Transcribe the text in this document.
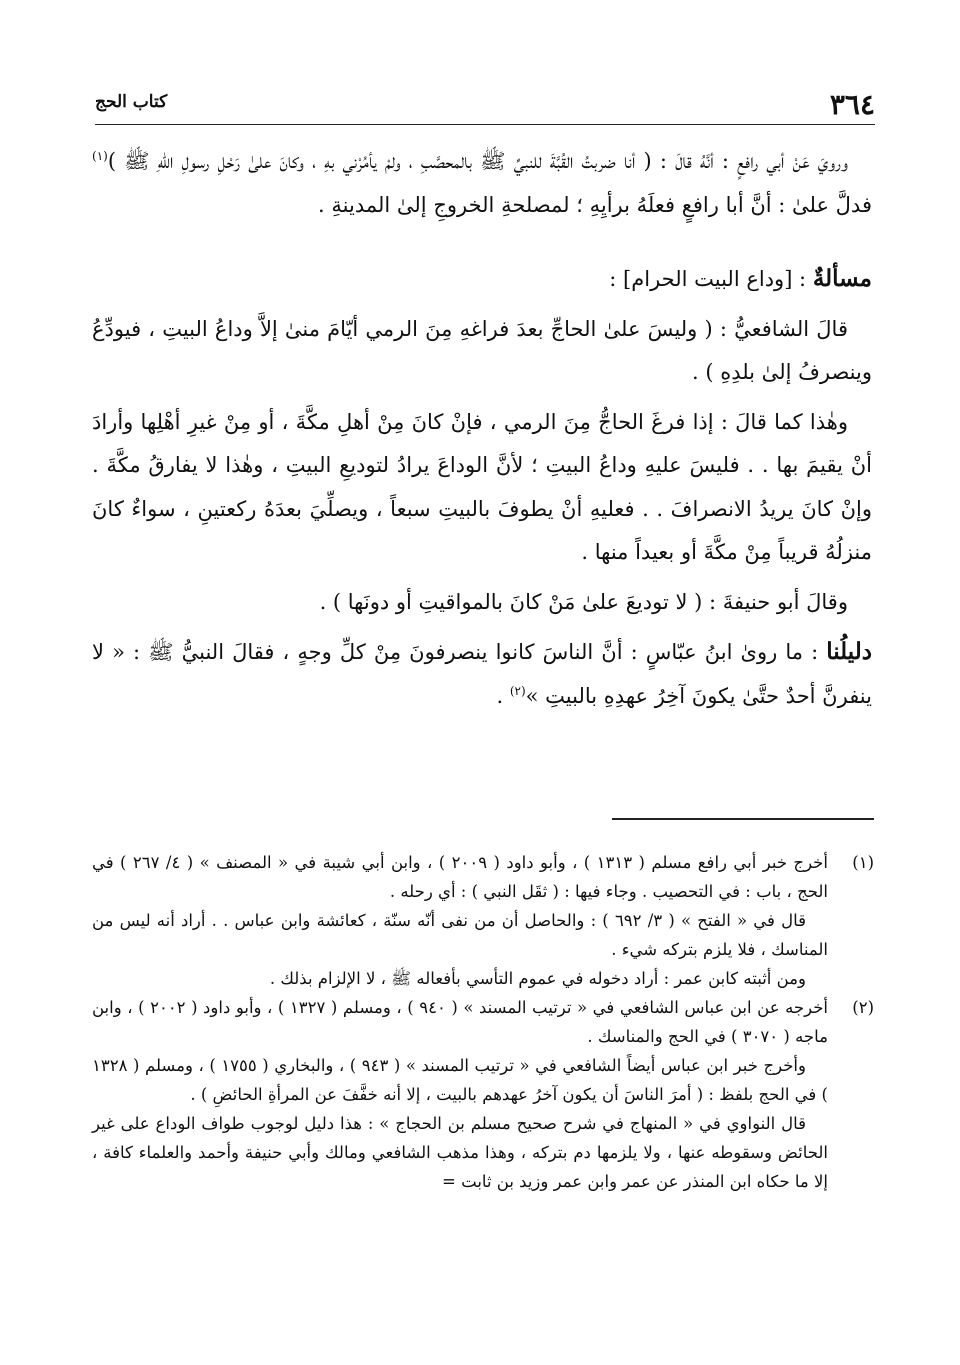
٣٦٤
كتاب الحج

ورويَ عَنْ أبي رافعٍ : أنَّهُ قالَ : ( أنا ضربتُ القُبَّةَ للنبيِّ ﷺ بالمحصَّبِ ، ولمْ يأمُرْني بهِ ، وكانَ علىٰ رَحْلِ رسولِ اللهِ ﷺ )$^{(١)}$ فدلَّ علىٰ : أنَّ أبا رافعٍ فعلَهُ برأيِهِ ؛ لمصلحةِ الخروجِ إلىٰ المدينةِ .

مسألةٌ : [وداع البيت الحرام] :

قالَ الشافعيُّ : ( وليسَ علىٰ الحاجِّ بعدَ فراغهِ مِنَ الرمي أيّامَ منىٰ إلاَّ وداعُ البيتِ ، فيودِّعُ وينصرفُ إلىٰ بلدِهِ ) .

وهٰذا كما قالَ : إذا فرغَ الحاجُّ مِنَ الرمي ، فإنْ كانَ مِنْ أهلِ مكَّةَ ، أو مِنْ غيرِ أهْلِها وأرادَ أنْ يقيمَ بها . . فليسَ عليهِ وداعُ البيتِ ؛ لأنَّ الوداعَ يرادُ لتوديعِ البيتِ ، وهٰذا لا يفارقُ مكَّةَ . وإنْ كانَ يريدُ الانصرافَ . . فعليهِ أنْ يطوفَ بالبيتِ سبعاً ، ويصلِّيَ بعدَهُ ركعتينِ ، سواءٌ كانَ منزلُهُ قريباً مِنْ مكَّةَ أو بعيداً منها .

وقالَ أبو حنيفةَ : ( لا توديعَ علىٰ مَنْ كانَ بالمواقيتِ أو دونَها ) .

دليلُنا : ما روىٰ ابنُ عبّاسٍ : أنَّ الناسَ كانوا ينصرفونَ مِنْ كلِّ وجهٍ ، فقالَ النبيُّ ﷺ : « لا ينفرنَّ أحدٌ حتَّىٰ يكونَ آخِرُ عهدِهِ بالبيتِ »$^{(٢)}$ .

(١)

أخرج خبر أبي رافع مسلم ( ١٣١٣ ) ، وأبو داود ( ٢٠٠٩ ) ، وابن أبي شيبة في « المصنف » ( ٤/ ٢٦٧ ) في الحج ، باب : في التحصيب . وجاء فيها : ( ثقَل النبي ) : أي رحله .

قال في « الفتح » ( ٣/ ٦٩٢ ) : والحاصل أن من نفى أنّه سنّة ، كعائشة وابن عباس . . أراد أنه ليس من المناسك ، فلا يلزم بتركه شيء .

ومن أثبته كابن عمر : أراد دخوله في عموم التأسي بأفعاله ﷺ ، لا الإلزام بذلك .

(٢)

أخرجه عن ابن عباس الشافعي في « ترتيب المسند » ( ٩٤٠ ) ، ومسلم ( ١٣٢٧ ) ، وأبو داود ( ٢٠٠٢ ) ، وابن ماجه ( ٣٠٧٠ ) في الحج والمناسك .

وأخرج خبر ابن عباس أيضاً الشافعي في « ترتيب المسند » ( ٩٤٣ ) ، والبخاري ( ١٧٥٥ ) ، ومسلم ( ١٣٢٨ ) في الحج بلفظ : ( أمرَ الناسَ أن يكون آخرُ عهدهم بالبيت ، إلا أنه خفَّفَ عن المرأةِ الحائضِ ) .

قال النواوي في « المنهاج في شرح صحيح مسلم بن الحجاج » : هذا دليل لوجوب طواف الوداع على غير الحائض وسقوطه عنها ، ولا يلزمها دم بتركه ، وهذا مذهب الشافعي ومالك وأبي حنيفة وأحمد والعلماء كافة ، إلا ما حكاه ابن المنذر عن عمر وابن عمر وزيد بن ثابت =
